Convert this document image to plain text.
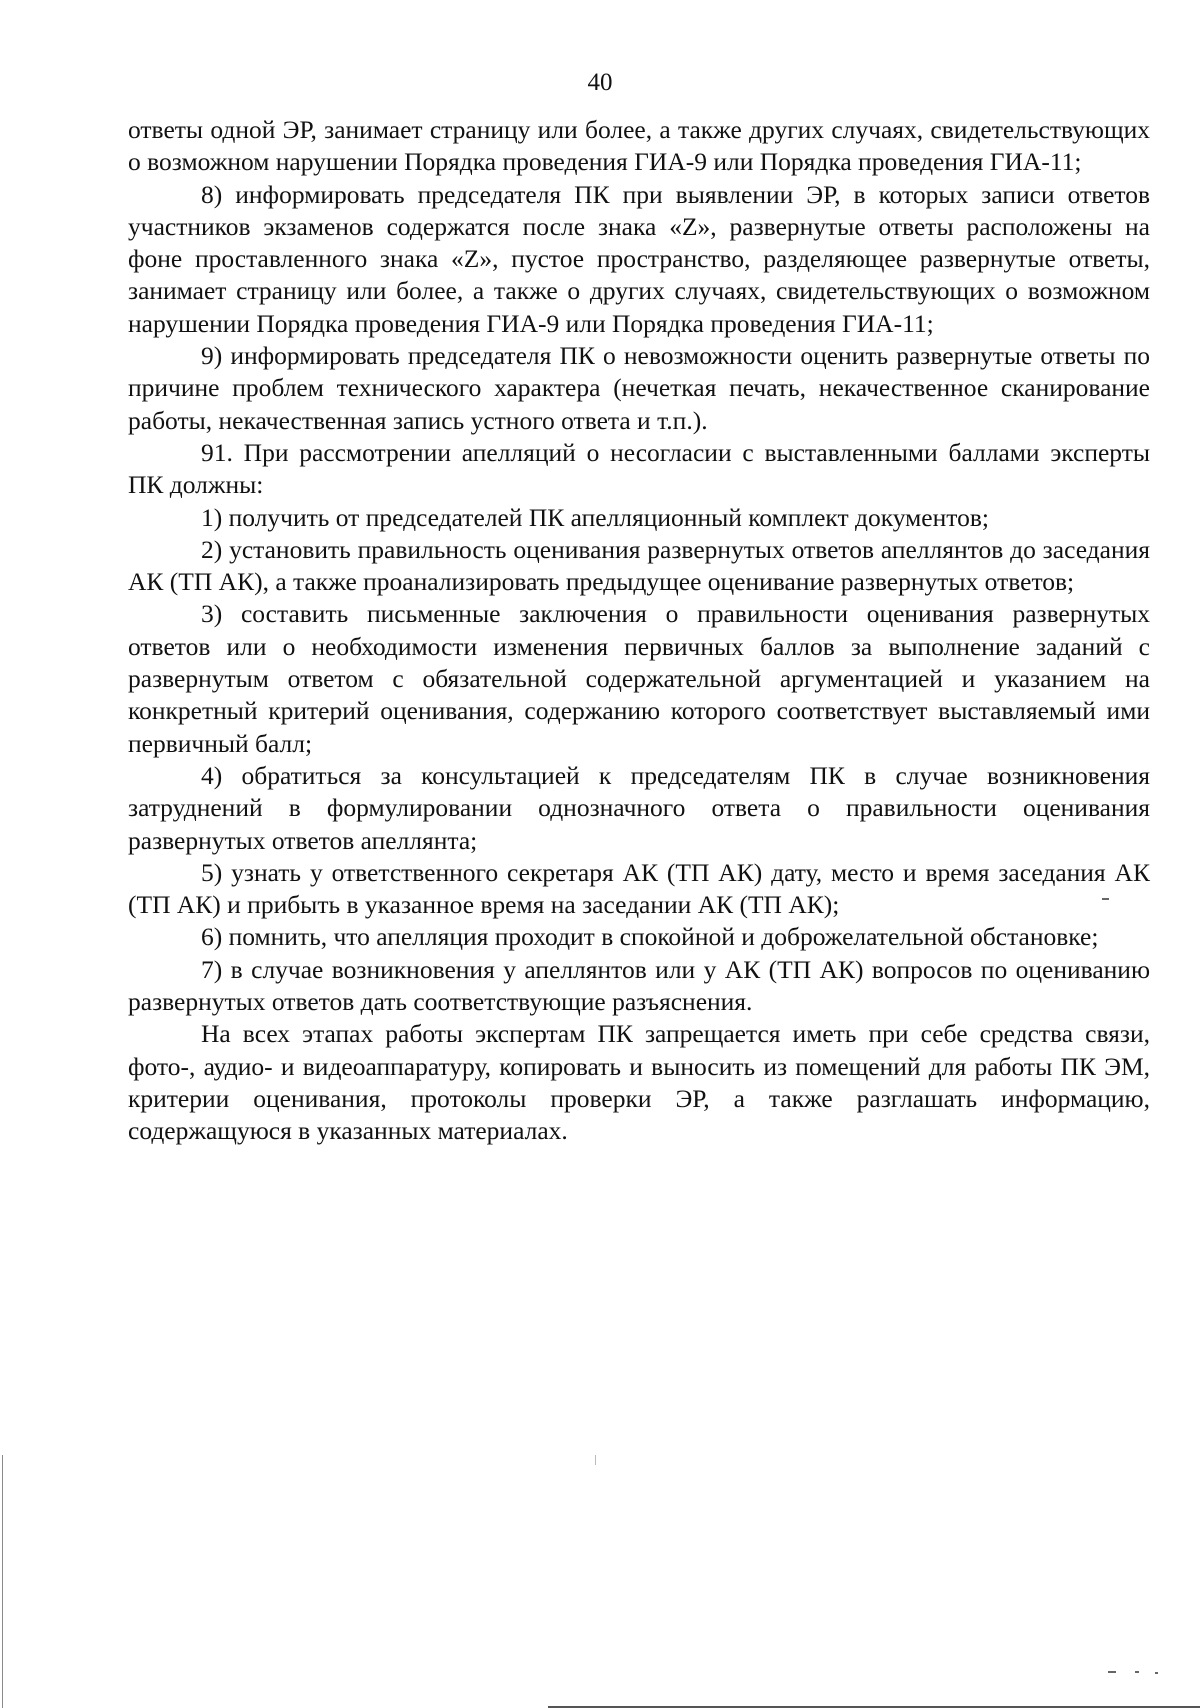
40

ответы одной ЭР, занимает страницу или более, а также других случаях, свидетельствующих о возможном нарушении Порядка проведения ГИА-9 или Порядка проведения ГИА-11;

8) информировать председателя ПК при выявлении ЭР, в которых записи ответов участников экзаменов содержатся после знака «Z», развернутые ответы расположены на фоне проставленного знака «Z», пустое пространство, разделяющее развернутые ответы, занимает страницу или более, а также о других случаях, свидетельствующих о возможном нарушении Порядка проведения ГИА-9 или Порядка проведения ГИА-11;

9) информировать председателя ПК о невозможности оценить развернутые ответы по причине проблем технического характера (нечеткая печать, некачественное сканирование работы, некачественная запись устного ответа и т.п.).

91. При рассмотрении апелляций о несогласии с выставленными баллами эксперты ПК должны:

1) получить от председателей ПК апелляционный комплект документов;

2) установить правильность оценивания развернутых ответов апеллянтов до заседания АК (ТП АК), а также проанализировать предыдущее оценивание развернутых ответов;

3) составить письменные заключения о правильности оценивания развернутых ответов или о необходимости изменения первичных баллов за выполнение заданий с развернутым ответом с обязательной содержательной аргументацией и указанием на конкретный критерий оценивания, содержанию которого соответствует выставляемый ими первичный балл;

4) обратиться за консультацией к председателям ПК в случае возникновения затруднений в формулировании однозначного ответа о правильности оценивания развернутых ответов апеллянта;

5) узнать у ответственного секретаря АК (ТП АК) дату, место и время заседания АК (ТП АК) и прибыть в указанное время на заседании АК (ТП АК);

6) помнить, что апелляция проходит в спокойной и доброжелательной обстановке;

7) в случае возникновения у апеллянтов или у АК (ТП АК) вопросов по оцениванию развернутых ответов дать соответствующие разъяснения.

На всех этапах работы экспертам ПК запрещается иметь при себе средства связи, фото-, аудио- и видеоаппаратуру, копировать и выносить из помещений для работы ПК ЭМ, критерии оценивания, протоколы проверки ЭР, а также разглашать информацию, содержащуюся в указанных материалах.
